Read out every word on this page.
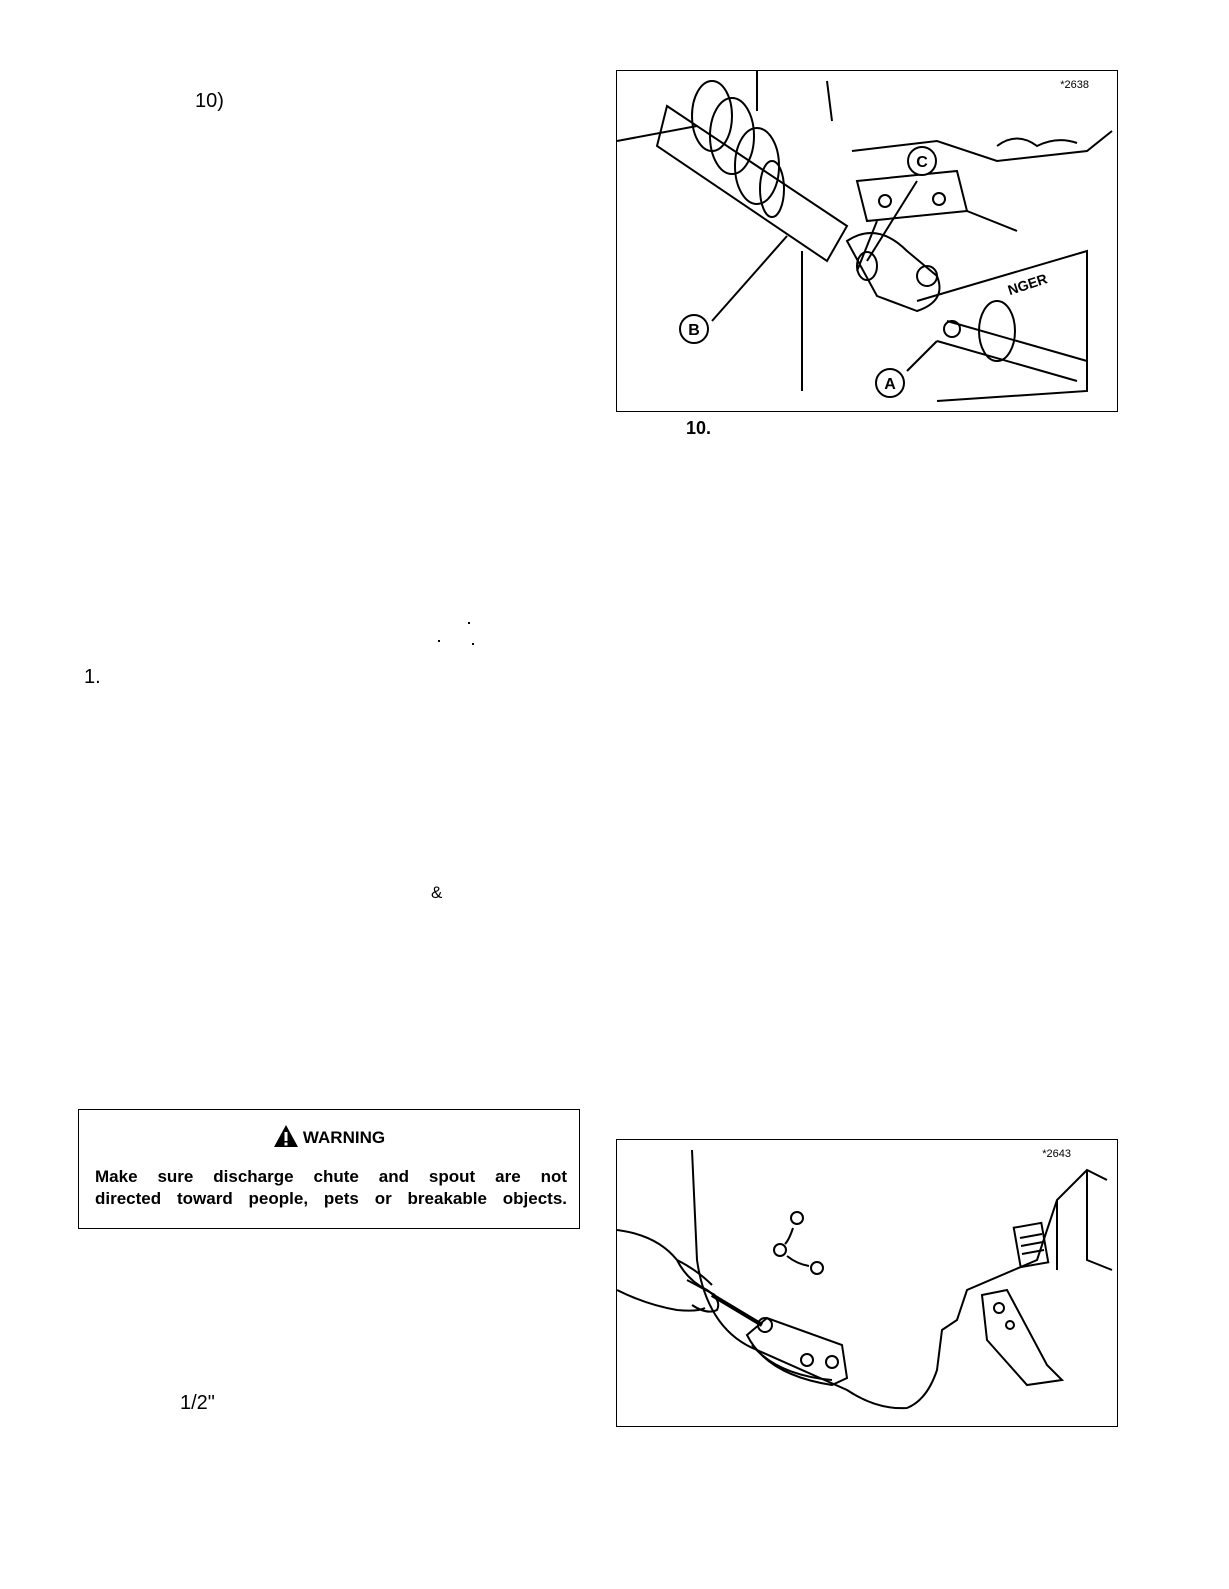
10)
1.
&
1/2"
C
B
A
NGER
*2638
10.
WARNING
Make sure discharge chute and spout are not
directed toward people, pets or breakable objects.
*2643
